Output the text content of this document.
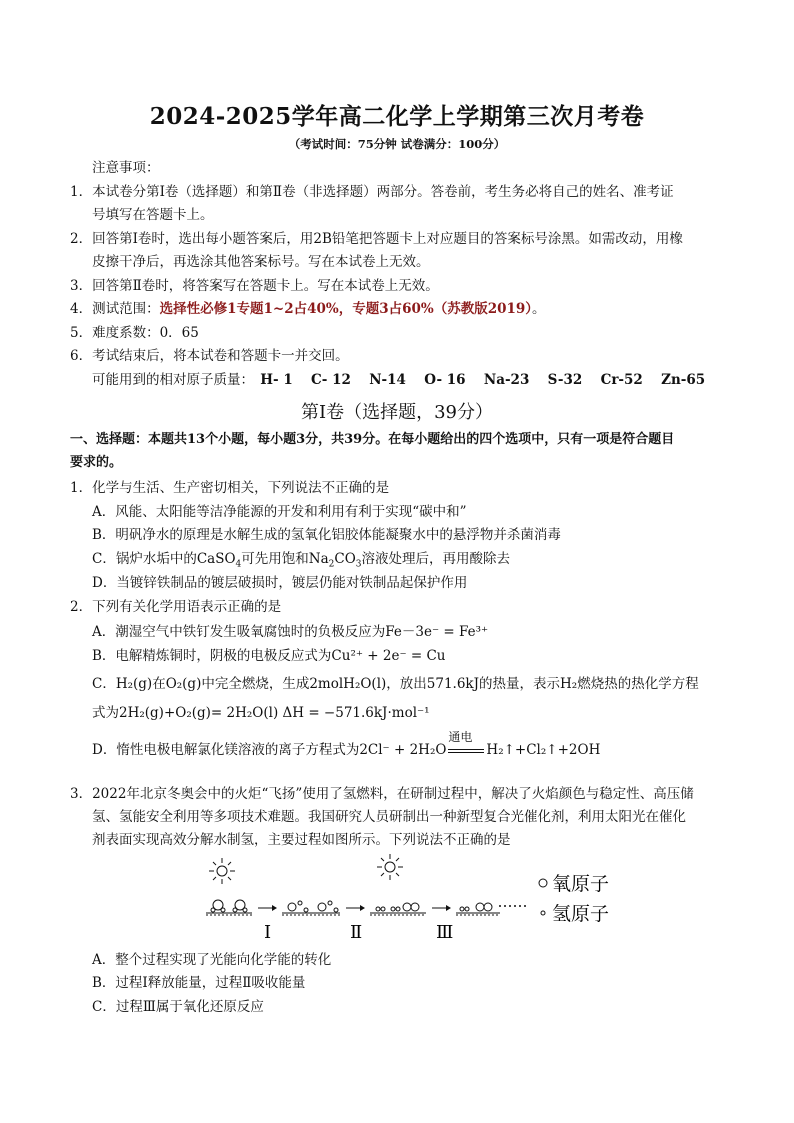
2024-2025学年高二化学上学期第三次月考卷
（考试时间：75分钟 试卷满分：100分）
注意事项：
1．本试卷分第Ⅰ卷（选择题）和第Ⅱ卷（非选择题）两部分。答卷前，考生务必将自己的姓名、准考证
号填写在答题卡上。
2．回答第Ⅰ卷时，选出每小题答案后，用2B铅笔把答题卡上对应题目的答案标号涂黑。如需改动，用橡
皮擦干净后，再选涂其他答案标号。写在本试卷上无效。
3．回答第Ⅱ卷时，将答案写在答题卡上。写在本试卷上无效。
4．测试范围：选择性必修1专题1~2占40%，专题3占60%（苏教版2019）。
5．难度系数：0．65
6．考试结束后，将本试卷和答题卡一并交回。
可能用到的相对原子质量： H- 1 C- 12 N-14 O- 16 Na-23 S-32 Cr-52 Zn-65
第Ⅰ卷（选择题，39分）
一、选择题：本题共13个小题，每小题3分，共39分。在每小题给出的四个选项中，只有一项是符合题目
要求的。
1．化学与生活、生产密切相关，下列说法不正确的是
A．风能、太阳能等洁净能源的开发和利用有利于实现“碳中和”
B．明矾净水的原理是水解生成的氢氧化铝胶体能凝聚水中的悬浮物并杀菌消毒
C．锅炉水垢中的CaSO$_4$可先用饱和$Na_2CO_3$溶液处理后，再用酸除去
D．当镀锌铁制品的镀层破损时，镀层仍能对铁制品起保护作用
2．下列有关化学用语表示正确的是
A．潮湿空气中铁钉发生吸氧腐蚀时的负极反应为Fe－3e⁻ = Fe³⁺
B．电解精炼铜时，阴极的电极反应式为Cu²⁺ + 2e⁻ = Cu
C．H₂(g)在O₂(g)中完全燃烧，生成2molH₂O(l)，放出571.6kJ的热量，表示H₂燃烧热的热化学方程
式为2H₂(g)+O₂(g)= 2H₂O(l) ΔH = −571.6kJ·mol⁻¹
D．惰性电极电解氯化镁溶液的离子方程式为2Cl⁻ + 2H₂O
通电
H₂↑+Cl₂↑+2OH
3．2022年北京冬奥会中的火炬“飞扬”使用了氢燃料，在研制过程中，解决了火焰颜色与稳定性、高压储
氢、氢能安全利用等多项技术难题。我国研究人员研制出一种新型复合光催化剂，利用太阳光在催化
剂表面实现高效分解水制氢，主要过程如图所示。下列说法不正确的是
Ⅰ	Ⅱ	Ⅲ
氧原子
氢原子
A．整个过程实现了光能向化学能的转化
B．过程Ⅰ释放能量，过程Ⅱ吸收能量
C．过程Ⅲ属于氧化还原反应
